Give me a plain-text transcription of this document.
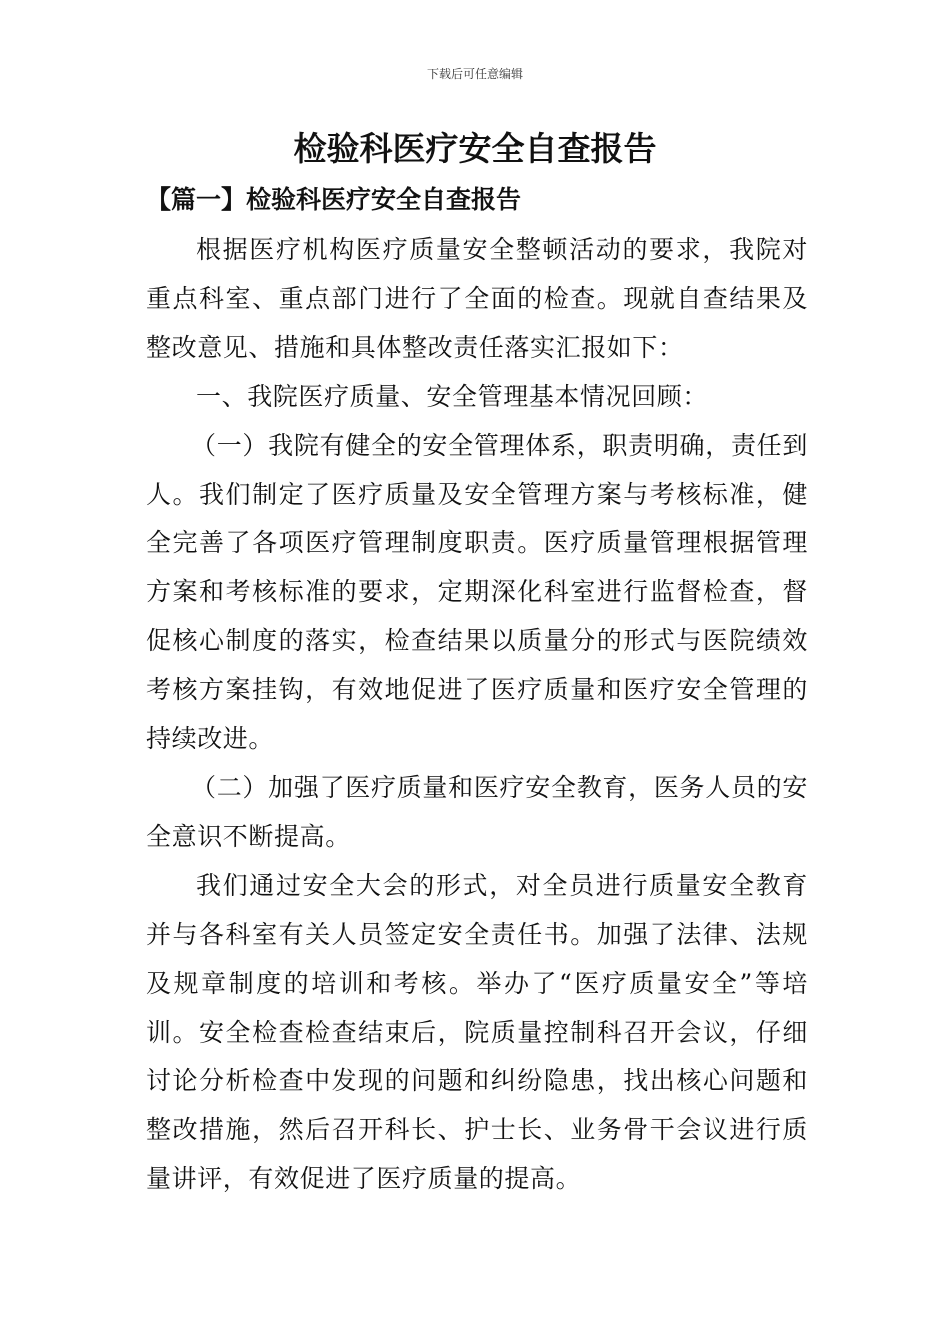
下载后可任意编辑
检验科医疗安全自查报告
【篇一】检验科医疗安全自查报告

根据医疗机构医疗质量安全整顿活动的要求，我院对重点科室、重点部门进行了全面的检查。现就自查结果及整改意见、措施和具体整改责任落实汇报如下：

一、我院医疗质量、安全管理基本情况回顾：

（一）我院有健全的安全管理体系，职责明确，责任到人。我们制定了医疗质量及安全管理方案与考核标准，健全完善了各项医疗管理制度职责。医疗质量管理根据管理方案和考核标准的要求，定期深化科室进行监督检查，督促核心制度的落实，检查结果以质量分的形式与医院绩效考核方案挂钩，有效地促进了医疗质量和医疗安全管理的持续改进。

（二）加强了医疗质量和医疗安全教育，医务人员的安全意识不断提高。

我们通过安全大会的形式，对全员进行质量安全教育并与各科室有关人员签定安全责任书。加强了法律、法规及规章制度的培训和考核。举办了“医疗质量安全”等培训。安全检查检查结束后，院质量控制科召开会议，仔细讨论分析检查中发现的问题和纠纷隐患，找出核心问题和整改措施，然后召开科长、护士长、业务骨干会议进行质量讲评，有效促进了医疗质量的提高。
